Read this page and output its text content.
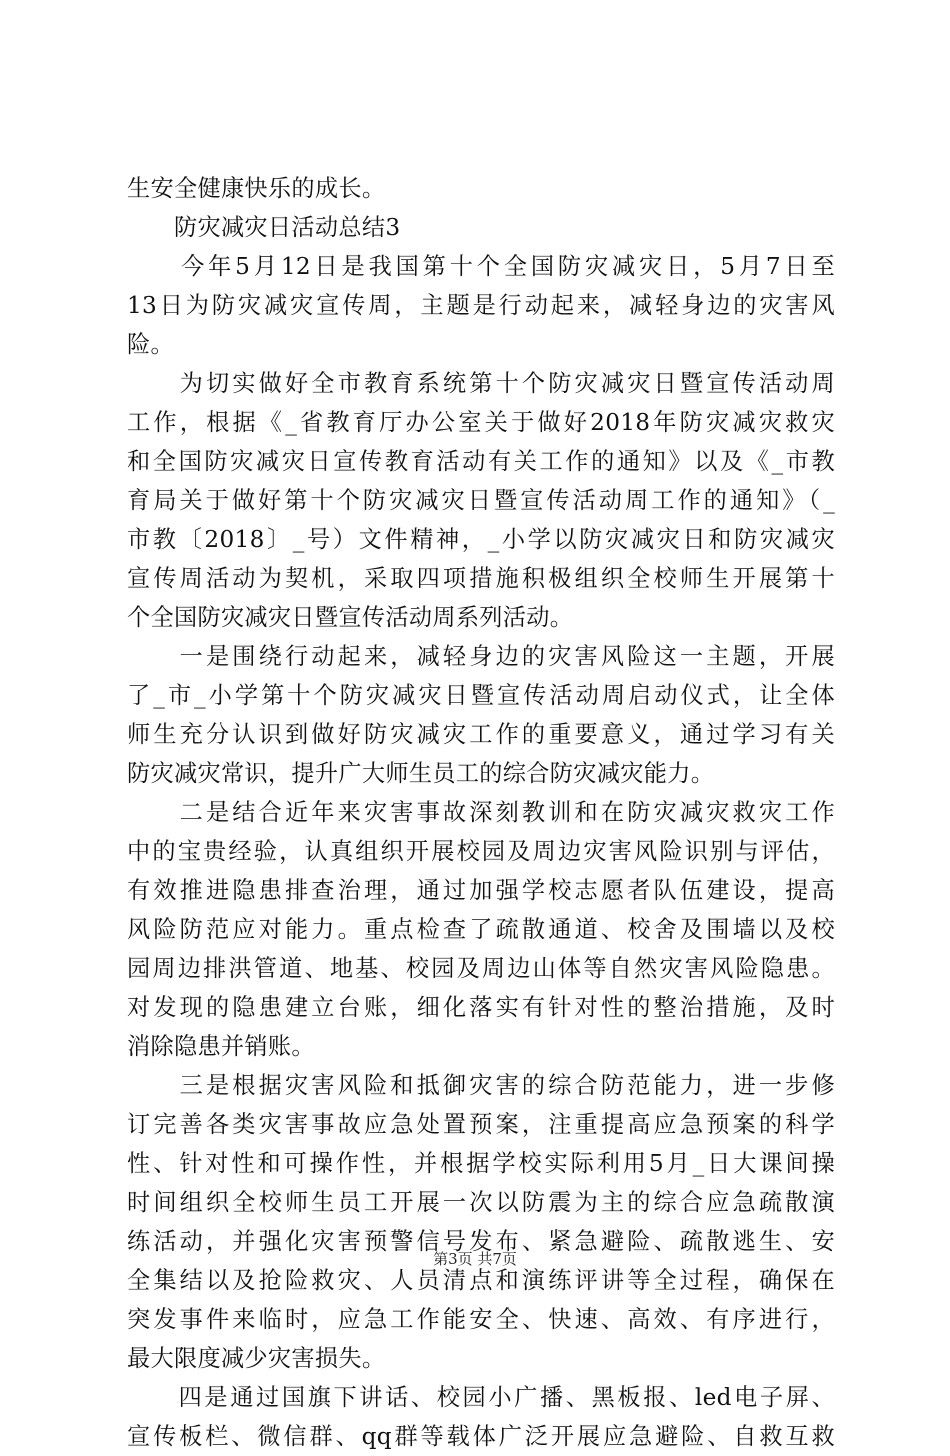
生安全健康快乐的成长。
　　防灾减灾日活动总结3
　　今年5月12日是我国第十个全国防灾减灾日，5月7日至
13日为防灾减灾宣传周，主题是行动起来，减轻身边的灾害风
险。
　　为切实做好全市教育系统第十个防灾减灾日暨宣传活动周
工作，根据《_省教育厅办公室关于做好2018年防灾减灾救灾
和全国防灾减灾日宣传教育活动有关工作的通知》以及《_市教
育局关于做好第十个防灾减灾日暨宣传活动周工作的通知》（_
市教〔2018〕_号）文件精神，_小学以防灾减灾日和防灾减灾
宣传周活动为契机，采取四项措施积极组织全校师生开展第十
个全国防灾减灾日暨宣传活动周系列活动。
　　一是围绕行动起来，减轻身边的灾害风险这一主题，开展
了_市_小学第十个防灾减灾日暨宣传活动周启动仪式，让全体
师生充分认识到做好防灾减灾工作的重要意义，通过学习有关
防灾减灾常识，提升广大师生员工的综合防灾减灾能力。
　　二是结合近年来灾害事故深刻教训和在防灾减灾救灾工作
中的宝贵经验，认真组织开展校园及周边灾害风险识别与评估，
有效推进隐患排查治理，通过加强学校志愿者队伍建设，提高
风险防范应对能力。重点检查了疏散通道、校舍及围墙以及校
园周边排洪管道、地基、校园及周边山体等自然灾害风险隐患。
对发现的隐患建立台账，细化落实有针对性的整治措施，及时
消除隐患并销账。
　　三是根据灾害风险和抵御灾害的综合防范能力，进一步修
订完善各类灾害事故应急处置预案，注重提高应急预案的科学
性、针对性和可操作性，并根据学校实际利用5月_日大课间操
时间组织全校师生员工开展一次以防震为主的综合应急疏散演
练活动，并强化灾害预警信号发布、紧急避险、疏散逃生、安
全集结以及抢险救灾、人员清点和演练评讲等全过程，确保在
突发事件来临时，应急工作能安全、快速、高效、有序进行，
最大限度减少灾害损失。
　　四是通过国旗下讲话、校园小广播、黑板报、led电子屏、
宣传板栏、微信群、qq群等载体广泛开展应急避险、自救互救
第3页 共7页
